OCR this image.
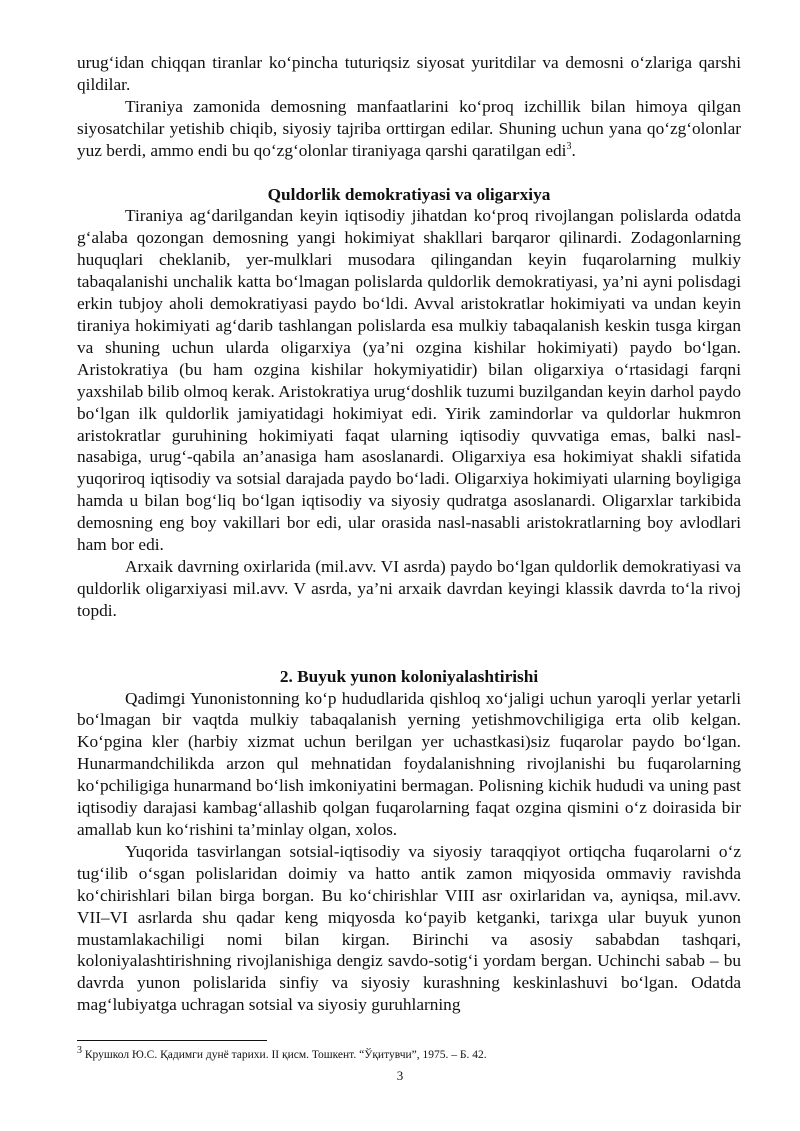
urug‘idan chiqqan tiranlar ko‘pincha tuturiqsiz siyosat yuritdilar va demosni o‘zlariga qarshi qildilar.

Tiraniya zamonida demosning manfaatlarini ko‘proq izchillik bilan himoya qilgan siyosatchilar yetishib chiqib, siyosiy tajriba orttirgan edilar. Shuning uchun yana qo‘zg‘olonlar yuz berdi, ammo endi bu qo‘zg‘olonlar tiraniyaga qarshi qaratilgan edi$^3$.

Quldorlik demokratiyasi va oligarxiya

Tiraniya ag‘darilgandan keyin iqtisodiy jihatdan ko‘proq rivojlangan polislarda odatda g‘alaba qozongan demosning yangi hokimiyat shakllari barqaror qilinardi. Zodagonlarning huquqlari cheklanib, yer-mulklari musodara qilingandan keyin fuqarolarning mulkiy tabaqalanishi unchalik katta bo‘lmagan polislarda quldorlik demokratiyasi, ya’ni ayni polisdagi erkin tubjoy aholi demokratiyasi paydo bo‘ldi. Avval aristokratlar hokimiyati va undan keyin tiraniya hokimiyati ag‘darib tashlangan polislarda esa mulkiy tabaqalanish keskin tusga kirgan va shuning uchun ularda oligarxiya (ya’ni ozgina kishilar hokimiyati) paydo bo‘lgan. Aristokratiya (bu ham ozgina kishilar hokymiyatidir) bilan oligarxiya o‘rtasidagi farqni yaxshilab bilib olmoq kerak. Aristokratiya urug‘doshlik tuzumi buzilgandan keyin darhol paydo bo‘lgan ilk quldorlik jamiyatidagi hokimiyat edi. Yirik zamindorlar va quldorlar hukmron aristokratlar guruhining hokimiyati faqat ularning iqtisodiy quvvatiga emas, balki nasl-nasabiga, urug‘-qabila an’anasiga ham asoslanardi. Oligarxiya esa hokimiyat shakli sifatida yuqoriroq iqtisodiy va sotsial darajada paydo bo‘ladi. Oligarxiya hokimiyati ularning boyligiga hamda u bilan bog‘liq bo‘lgan iqtisodiy va siyosiy qudratga asoslanardi. Oligarxlar tarkibida demosning eng boy vakillari bor edi, ular orasida nasl-nasabli aristokratlarning boy avlodlari ham bor edi.

Arxaik davrning oxirlarida (mil.avv. VI asrda) paydo bo‘lgan quldorlik demokratiyasi va quldorlik oligarxiyasi mil.avv. V asrda, ya’ni arxaik davrdan keyingi klassik davrda to‘la rivoj topdi.

2. Buyuk yunon koloniyalashtirishi

Qadimgi Yunonistonning ko‘p hududlarida qishloq xo‘jaligi uchun yaroqli yerlar yetarli bo‘lmagan bir vaqtda mulkiy tabaqalanish yerning yetishmovchiligiga erta olib kelgan. Ko‘pgina kler (harbiy xizmat uchun berilgan yer uchastkasi)siz fuqarolar paydo bo‘lgan. Hunarmandchilikda arzon qul mehnatidan foydalanishning rivojlanishi bu fuqarolarning ko‘pchiligiga hunarmand bo‘lish imkoniyatini bermagan. Polisning kichik hududi va uning past iqtisodiy darajasi kambag‘allashib qolgan fuqarolarning faqat ozgina qismini o‘z doirasida bir amallab kun ko‘rishini ta’minlay olgan, xolos.

Yuqorida tasvirlangan sotsial-iqtisodiy va siyosiy taraqqiyot ortiqcha fuqarolarni o‘z tug‘ilib o‘sgan polislaridan doimiy va hatto antik zamon miqyosida ommaviy ravishda ko‘chirishlari bilan birga borgan. Bu ko‘chirishlar VIII asr oxirlaridan va, ayniqsa, mil.avv. VII–VI asrlarda shu qadar keng miqyosda ko‘payib ketganki, tarixga ular buyuk yunon mustamlakachiligi nomi bilan kirgan. Birinchi va asosiy sababdan tashqari, koloniyalashtirishning rivojlanishiga dengiz savdo-sotig‘i yordam bergan. Uchinchi sabab – bu davrda yunon polislarida sinfiy va siyosiy kurashning keskinlashuvi bo‘lgan. Odatda mag‘lubiyatga uchragan sotsial va siyosiy guruhlarning

$^3$ Крушкол Ю.С. Қадимги дунё тарихи. II қисм. Тошкент. “Ўқитувчи”, 1975. – Б. 42.
3
